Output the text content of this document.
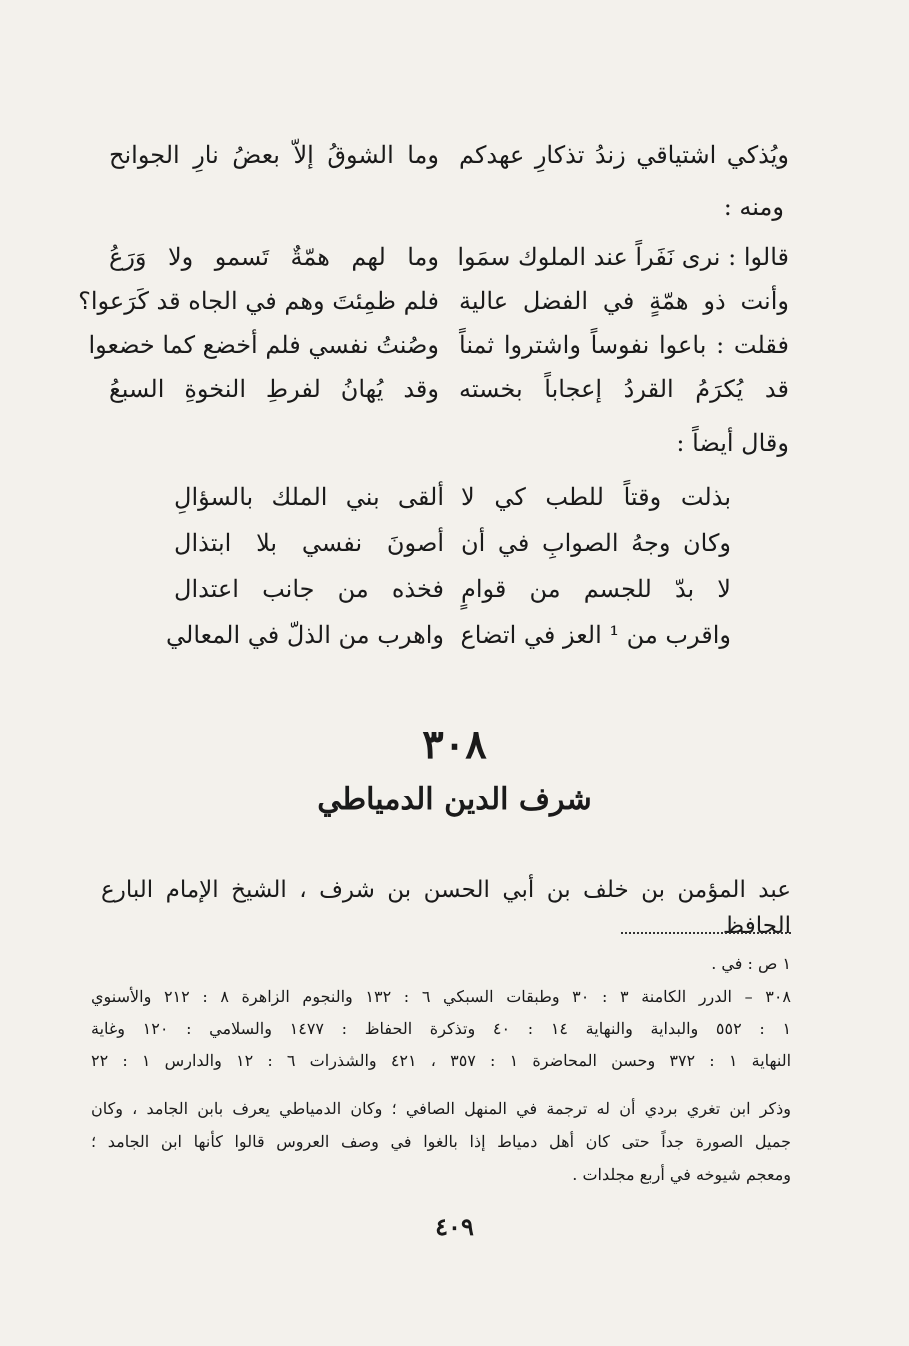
ويُذكي اشتياقي زندُ تذكارِ عهدكم
وما الشوقُ إلاّ بعضُ نارِ الجوانح
ومنه :
قالوا : نرى نَفَراً عند الملوك سمَوا
وما لهم همّةٌ تَسمو ولا وَرَعُ
وأنت ذو همّةٍ في الفضل عالية
فلم ظمِئتَ وهم في الجاه قد كَرَعوا؟
فقلت : باعوا نفوساً واشتروا ثمناً
وصُنتُ نفسي فلم أخضع كما خضعوا
قد يُكرَمُ القردُ إعجاباً بخسته
وقد يُهانُ لفرطِ النخوةِ السبعُ
وقال أيضاً :
بذلت وقتاً للطب كي لا
ألقى بني الملك بالسؤالِ
وكان وجهُ الصوابِ في أن
أصونَ نفسي بلا ابتذال
لا بدّ للجسم من قوامٍ
فخذه من جانب اعتدال
واقرب من ¹ العز في اتضاع
واهرب من الذلّ في المعالي
٣٠٨
شرف الدين الدمياطي
عبد المؤمن بن خلف بن أبي الحسن بن شرف ، الشيخ الإمام البارع الحافظ
١ ص : في .
٣٠٨ – الدرر الكامنة ٣ : ٣٠ وطبقات السبكي ٦ : ١٣٢ والنجوم الزاهرة ٨ : ٢١٢ والأسنوي
١ : ٥٥٢ والبداية والنهاية ١٤ : ٤٠ وتذكرة الحفاظ : ١٤٧٧ والسلامي : ١٢٠ وغاية
النهاية ١ : ٣٧٢ وحسن المحاضرة ١ : ٣٥٧ ، ٤٢١ والشذرات ٦ : ١٢ والدارس ١ : ٢٢
وذكر ابن تغري بردي أن له ترجمة في المنهل الصافي ؛ وكان الدمياطي يعرف بابن الجامد ، وكان
جميل الصورة جداً حتى كان أهل دمياط إذا بالغوا في وصف العروس قالوا كأنها ابن الجامد ؛
ومعجم شيوخه في أربع مجلدات .
٤٠٩
